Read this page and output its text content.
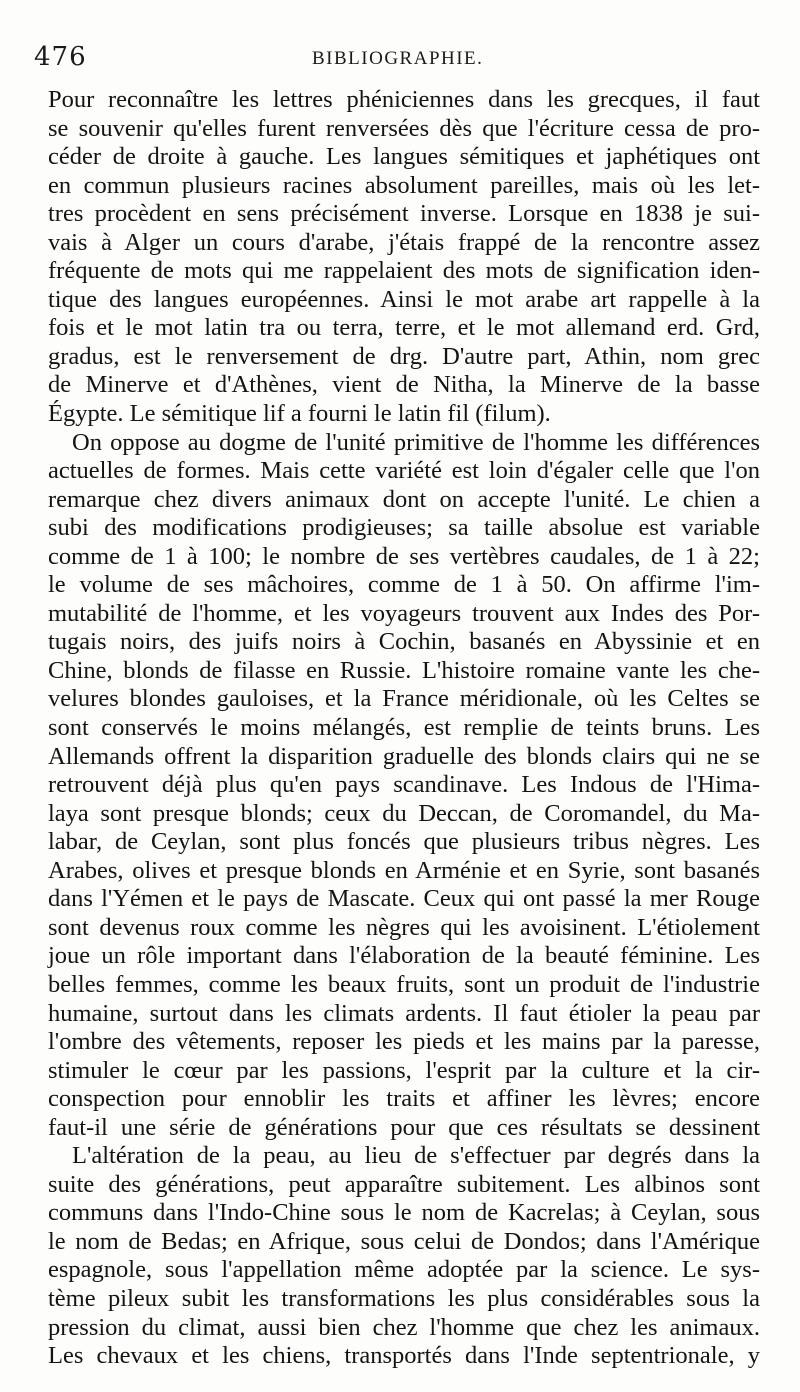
476	BIBLIOGRAPHIE.
Pour reconnaître les lettres phéniciennes dans les grecques, il faut
se souvenir qu'elles furent renversées dès que l'écriture cessa de pro-
céder de droite à gauche. Les langues sémitiques et japhétiques ont
en commun plusieurs racines absolument pareilles, mais où les let-
tres procèdent en sens précisément inverse. Lorsque en 1838 je sui-
vais à Alger un cours d'arabe, j'étais frappé de la rencontre assez
fréquente de mots qui me rappelaient des mots de signification iden-
tique des langues européennes. Ainsi le mot arabe art rappelle à la
fois et le mot latin tra ou terra, terre, et le mot allemand erd. Grd,
gradus, est le renversement de drg. D'autre part, Athin, nom grec
de Minerve et d'Athènes, vient de Nitha, la Minerve de la basse
Égypte. Le sémitique lif a fourni le latin fil (filum).
On oppose au dogme de l'unité primitive de l'homme les différences
actuelles de formes. Mais cette variété est loin d'égaler celle que l'on
remarque chez divers animaux dont on accepte l'unité. Le chien a
subi des modifications prodigieuses; sa taille absolue est variable
comme de 1 à 100; le nombre de ses vertèbres caudales, de 1 à 22;
le volume de ses mâchoires, comme de 1 à 50. On affirme l'im-
mutabilité de l'homme, et les voyageurs trouvent aux Indes des Por-
tugais noirs, des juifs noirs à Cochin, basanés en Abyssinie et en
Chine, blonds de filasse en Russie. L'histoire romaine vante les che-
velures blondes gauloises, et la France méridionale, où les Celtes se
sont conservés le moins mélangés, est remplie de teints bruns. Les
Allemands offrent la disparition graduelle des blonds clairs qui ne se
retrouvent déjà plus qu'en pays scandinave. Les Indous de l'Hima-
laya sont presque blonds; ceux du Deccan, de Coromandel, du Ma-
labar, de Ceylan, sont plus foncés que plusieurs tribus nègres. Les
Arabes, olives et presque blonds en Arménie et en Syrie, sont basanés
dans l'Yémen et le pays de Mascate. Ceux qui ont passé la mer Rouge
sont devenus roux comme les nègres qui les avoisinent. L'étiolement
joue un rôle important dans l'élaboration de la beauté féminine. Les
belles femmes, comme les beaux fruits, sont un produit de l'industrie
humaine, surtout dans les climats ardents. Il faut étioler la peau par
l'ombre des vêtements, reposer les pieds et les mains par la paresse,
stimuler le cœur par les passions, l'esprit par la culture et la cir-
conspection pour ennoblir les traits et affiner les lèvres; encore
faut-il une série de générations pour que ces résultats se dessinent
L'altération de la peau, au lieu de s'effectuer par degrés dans la
suite des générations, peut apparaître subitement. Les albinos sont
communs dans l'Indo-Chine sous le nom de Kacrelas; à Ceylan, sous
le nom de Bedas; en Afrique, sous celui de Dondos; dans l'Amérique
espagnole, sous l'appellation même adoptée par la science. Le sys-
tème pileux subit les transformations les plus considérables sous la
pression du climat, aussi bien chez l'homme que chez les animaux.
Les chevaux et les chiens, transportés dans l'Inde septentrionale, y
